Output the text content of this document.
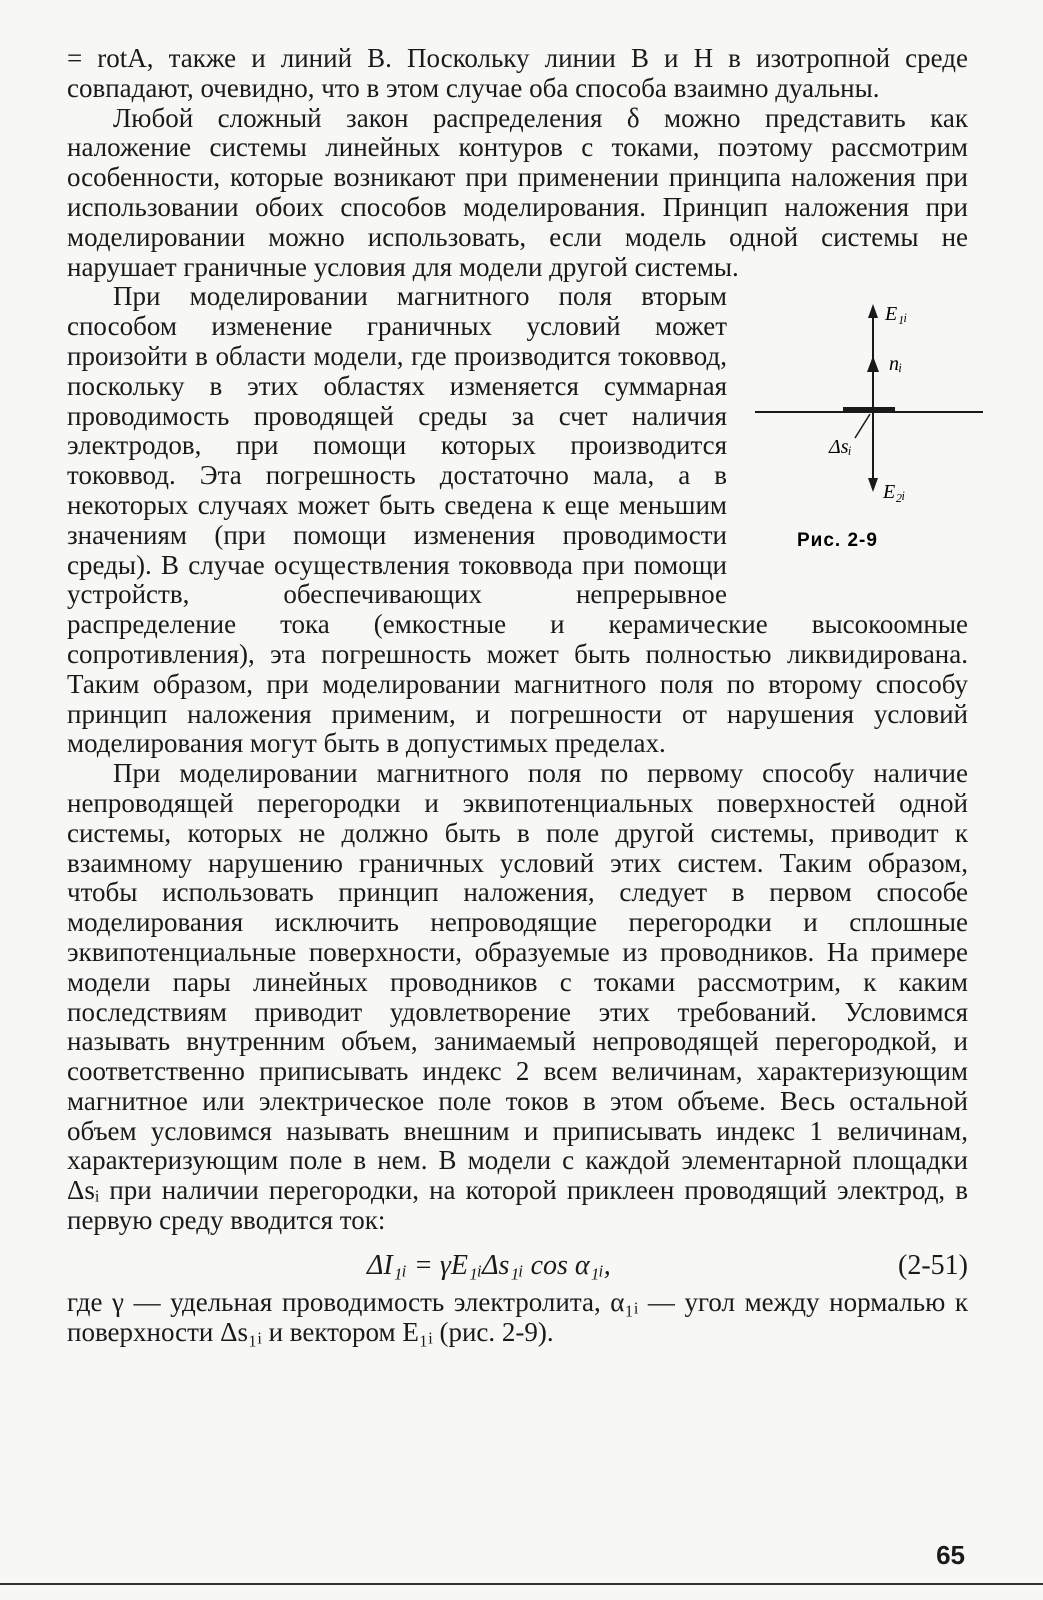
= rotA, также и линий B. Поскольку линии B и H в изотропной среде совпадают, очевидно, что в этом случае оба способа взаимно дуальны.

Любой сложный закон распределения δ можно представить как наложение системы линейных контуров с токами, поэтому рассмотрим особенности, которые возникают при применении принципа наложения при использовании обоих способов моделирования. Принцип наложения при моделировании можно использовать, если модель одной системы не нарушает граничные условия для модели другой системы.

E₁ᵢ
nᵢ
Δsᵢ
E₂ᵢ
Рис. 2-9

При моделировании магнитного поля вторым способом изменение граничных условий может произойти в области модели, где производится токоввод, поскольку в этих областях изменяется суммарная проводимость проводящей среды за счет наличия электродов, при помощи которых производится токоввод. Эта погрешность достаточно мала, а в некоторых случаях может быть сведена к еще меньшим значениям (при помощи изменения проводимости среды). В случае осуществления токоввода при помощи устройств, обеспечивающих непрерывное распределение тока (емкостные и керамические высокоомные сопротивления), эта погрешность может быть полностью ликвидирована. Таким образом, при моделировании магнитного поля по второму способу принцип наложения применим, и погрешности от нарушения условий моделирования могут быть в допустимых пределах.

При моделировании магнитного поля по первому способу наличие непроводящей перегородки и эквипотенциальных поверхностей одной системы, которых не должно быть в поле другой системы, приводит к взаимному нарушению граничных условий этих систем. Таким образом, чтобы использовать принцип наложения, следует в первом способе моделирования исключить непроводящие перегородки и сплошные эквипотенциальные поверхности, образуемые из проводников. На примере модели пары линейных проводников с токами рассмотрим, к каким последствиям приводит удовлетворение этих требований. Условимся называть внутренним объем, занимаемый непроводящей перегородкой, и соответственно приписывать индекс 2 всем величинам, характеризующим магнитное или электрическое поле токов в этом объеме. Весь остальной объем условимся называть внешним и приписывать индекс 1 величинам, характеризующим поле в нем. В модели с каждой элементарной площадки Δsᵢ при наличии перегородки, на которой приклеен проводящий электрод, в первую среду вводится ток:

ΔI₁ᵢ = γE₁ᵢΔs₁ᵢ cos α₁ᵢ,	(2-51)

где γ — удельная проводимость электролита, α₁ᵢ — угол между нормалью к поверхности Δs₁ᵢ и вектором E₁ᵢ (рис. 2-9).

65
